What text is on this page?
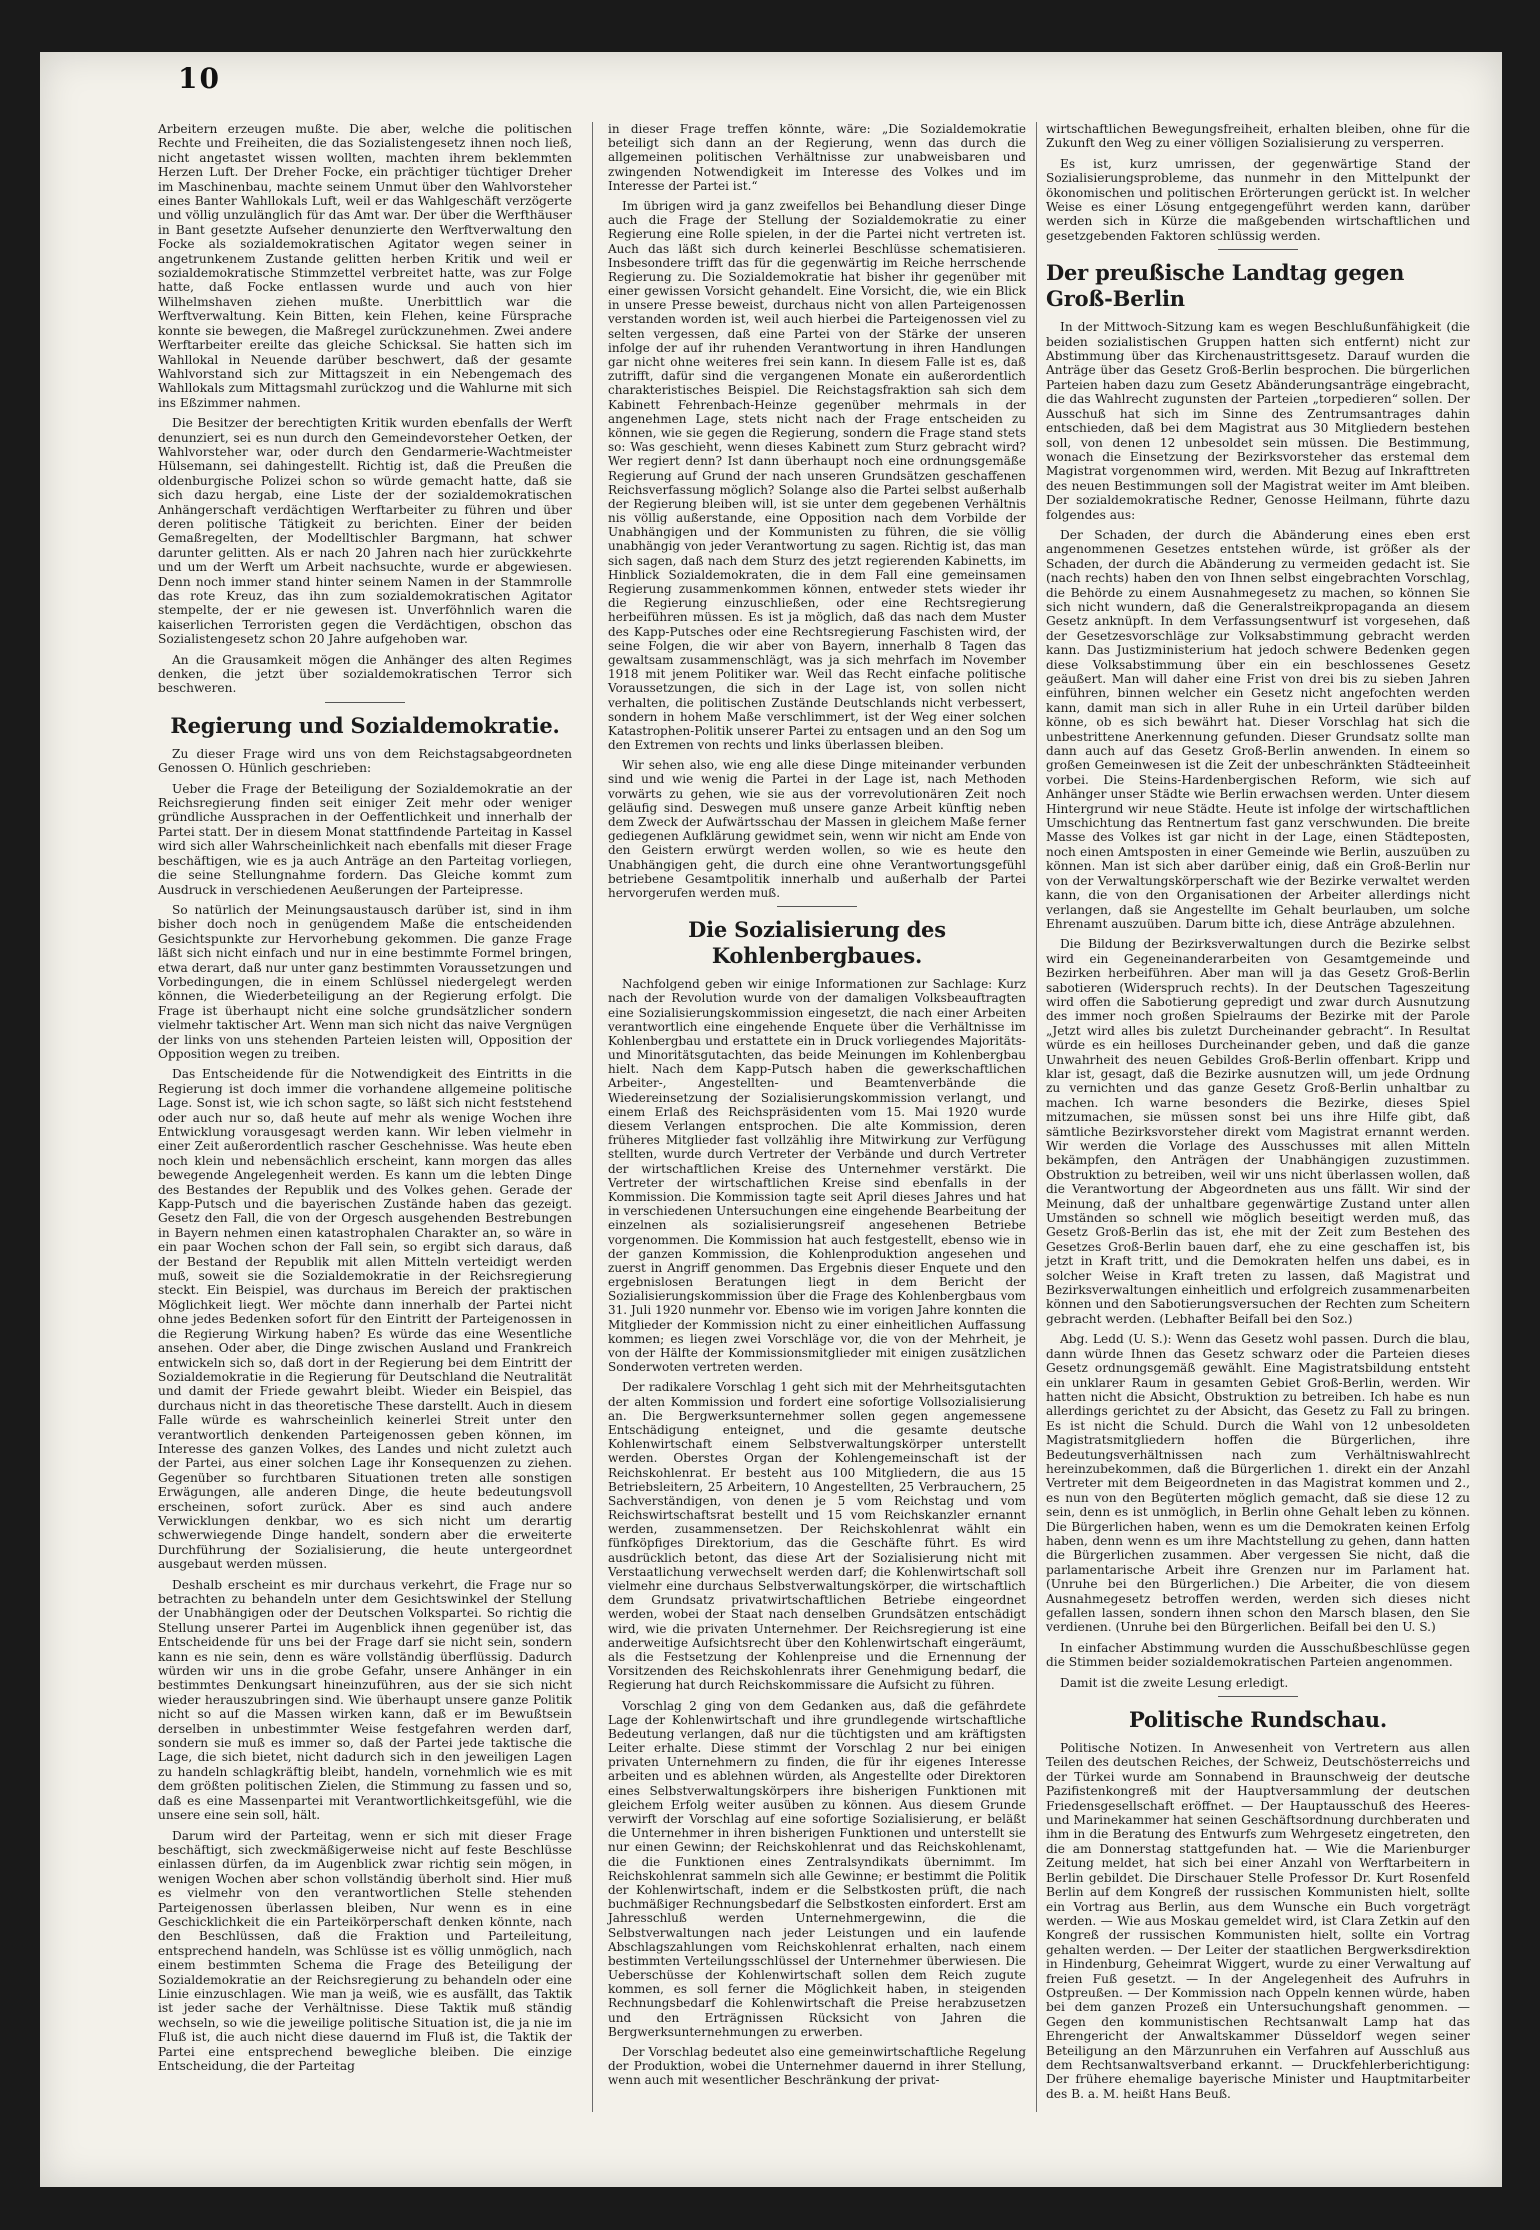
10

Arbeitern erzeugen mußte. Die aber, welche die politischen Rechte und Freiheiten, die das Sozialistengesetz ihnen noch ließ, nicht angetastet wissen wollten, machten ihrem beklemmten Herzen Luft. Der Dreher Focke, ein prächtiger tüchtiger Dreher im Maschinenbau, machte seinem Unmut über den Wahlvorsteher eines Banter Wahllokals Luft, weil er das Wahlgeschäft verzögerte und völlig unzulänglich für das Amt war. Der über die Werfthäuser in Bant gesetzte Aufseher denunzierte den Werftverwaltung den Focke als sozialdemokratischen Agitator wegen seiner in angetrunkenem Zustande gelitten herben Kritik und weil er sozialdemokratische Stimmzettel verbreitet hatte, was zur Folge hatte, daß Focke entlassen wurde und auch von hier Wilhelmshaven ziehen mußte. Unerbittlich war die Werftverwaltung. Kein Bitten, kein Flehen, keine Fürsprache konnte sie bewegen, die Maßregel zurückzunehmen. Zwei andere Werftarbeiter ereilte das gleiche Schicksal. Sie hatten sich im Wahllokal in Neuende darüber beschwert, daß der gesamte Wahlvorstand sich zur Mittagszeit in ein Nebengemach des Wahllokals zum Mittagsmahl zurückzog und die Wahlurne mit sich ins Eßzimmer nahmen.

Die Besitzer der berechtigten Kritik wurden ebenfalls der Werft denunziert, sei es nun durch den Gemeindevorsteher Oetken, der Wahlvorsteher war, oder durch den Gendarmerie-Wachtmeister Hülsemann, sei dahingestellt. Richtig ist, daß die Preußen die oldenburgische Polizei schon so würde gemacht hatte, daß sie sich dazu hergab, eine Liste der der sozialdemokratischen Anhängerschaft verdächtigen Werftarbeiter zu führen und über deren politische Tätigkeit zu berichten. Einer der beiden Gemaßregelten, der Modelltischler Bargmann, hat schwer darunter gelitten. Als er nach 20 Jahren nach hier zurückkehrte und um der Werft um Arbeit nachsuchte, wurde er abgewiesen. Denn noch immer stand hinter seinem Namen in der Stammrolle das rote Kreuz, das ihn zum sozialdemokratischen Agitator stempelte, der er nie gewesen ist. Unverföhnlich waren die kaiserlichen Terroristen gegen die Verdächtigen, obschon das Sozialistengesetz schon 20 Jahre aufgehoben war.

An die Grausamkeit mögen die Anhänger des alten Regimes denken, die jetzt über sozialdemokratischen Terror sich beschweren.

Regierung und Sozialdemokratie.

Zu dieser Frage wird uns von dem Reichstagsabgeordneten Genossen O. Hünlich geschrieben:

Ueber die Frage der Beteiligung der Sozialdemokratie an der Reichsregierung finden seit einiger Zeit mehr oder weniger gründliche Aussprachen in der Oeffentlichkeit und innerhalb der Partei statt. Der in diesem Monat stattfindende Parteitag in Kassel wird sich aller Wahrscheinlichkeit nach ebenfalls mit dieser Frage beschäftigen, wie es ja auch Anträge an den Parteitag vorliegen, die seine Stellungnahme fordern. Das Gleiche kommt zum Ausdruck in verschiedenen Aeußerungen der Parteipresse.

So natürlich der Meinungsaustausch darüber ist, sind in ihm bisher doch noch in genügendem Maße die entscheidenden Gesichtspunkte zur Hervorhebung gekommen. Die ganze Frage läßt sich nicht einfach und nur in eine bestimmte Formel bringen, etwa derart, daß nur unter ganz bestimmten Voraussetzungen und Vorbedingungen, die in einem Schlüssel niedergelegt werden können, die Wiederbeteiligung an der Regierung erfolgt. Die Frage ist überhaupt nicht eine solche grundsätzlicher sondern vielmehr taktischer Art. Wenn man sich nicht das naive Vergnügen der links von uns stehenden Parteien leisten will, Opposition der Opposition wegen zu treiben.

Das Entscheidende für die Notwendigkeit des Eintritts in die Regierung ist doch immer die vorhandene allgemeine politische Lage. Sonst ist, wie ich schon sagte, so läßt sich nicht feststehend oder auch nur so, daß heute auf mehr als wenige Wochen ihre Entwicklung vorausgesagt werden kann. Wir leben vielmehr in einer Zeit außerordentlich rascher Geschehnisse. Was heute eben noch klein und nebensächlich erscheint, kann morgen das alles bewegende Angelegenheit werden. Es kann um die lebten Dinge des Bestandes der Republik und des Volkes gehen. Gerade der Kapp-Putsch und die bayerischen Zustände haben das gezeigt. Gesetz den Fall, die von der Orgesch ausgehenden Bestrebungen in Bayern nehmen einen katastrophalen Charakter an, so wäre in ein paar Wochen schon der Fall sein, so ergibt sich daraus, daß der Bestand der Republik mit allen Mitteln verteidigt werden muß, soweit sie die Sozialdemokratie in der Reichsregierung steckt. Ein Beispiel, was durchaus im Bereich der praktischen Möglichkeit liegt. Wer möchte dann innerhalb der Partei nicht ohne jedes Bedenken sofort für den Eintritt der Parteigenossen in die Regierung Wirkung haben? Es würde das eine Wesentliche ansehen. Oder aber, die Dinge zwischen Ausland und Frankreich entwickeln sich so, daß dort in der Regierung bei dem Eintritt der Sozialdemokratie in die Regierung für Deutschland die Neutralität und damit der Friede gewahrt bleibt. Wieder ein Beispiel, das durchaus nicht in das theoretische These darstellt. Auch in diesem Falle würde es wahrscheinlich keinerlei Streit unter den verantwortlich denkenden Parteigenossen geben können, im Interesse des ganzen Volkes, des Landes und nicht zuletzt auch der Partei, aus einer solchen Lage ihr Konsequenzen zu ziehen. Gegenüber so furchtbaren Situationen treten alle sonstigen Erwägungen, alle anderen Dinge, die heute bedeutungsvoll erscheinen, sofort zurück. Aber es sind auch andere Verwicklungen denkbar, wo es sich nicht um derartig schwerwiegende Dinge handelt, sondern aber die erweiterte Durchführung der Sozialisierung, die heute untergeordnet ausgebaut werden müssen.

Deshalb erscheint es mir durchaus verkehrt, die Frage nur so betrachten zu behandeln unter dem Gesichtswinkel der Stellung der Unabhängigen oder der Deutschen Volkspartei. So richtig die Stellung unserer Partei im Augenblick ihnen gegenüber ist, das Entscheidende für uns bei der Frage darf sie nicht sein, sondern kann es nie sein, denn es wäre vollständig überflüssig. Dadurch würden wir uns in die grobe Gefahr, unsere Anhänger in ein bestimmtes Denkungsart hineinzuführen, aus der sie sich nicht wieder herauszubringen sind. Wie überhaupt unsere ganze Politik nicht so auf die Massen wirken kann, daß er im Bewußtsein derselben in unbestimmter Weise festgefahren werden darf, sondern sie muß es immer so, daß der Partei jede taktische die Lage, die sich bietet, nicht dadurch sich in den jeweiligen Lagen zu handeln schlagkräftig bleibt, handeln, vornehmlich wie es mit dem größten politischen Zielen, die Stimmung zu fassen und so, daß es eine Massenpartei mit Verantwortlichkeitsgefühl, wie die unsere eine sein soll, hält.

Darum wird der Parteitag, wenn er sich mit dieser Frage beschäftigt, sich zweckmäßigerweise nicht auf feste Beschlüsse einlassen dürfen, da im Augenblick zwar richtig sein mögen, in wenigen Wochen aber schon vollständig überholt sind. Hier muß es vielmehr von den verantwortlichen Stelle stehenden Parteigenossen überlassen bleiben, Nur wenn es in eine Geschicklichkeit die ein Parteikörperschaft denken könnte, nach den Beschlüssen, daß die Fraktion und Parteileitung, entsprechend handeln, was Schlüsse ist es völlig unmöglich, nach einem bestimmten Schema die Frage des Beteiligung der Sozialdemokratie an der Reichsregierung zu behandeln oder eine Linie einzuschlagen. Wie man ja weiß, wie es ausfällt, das Taktik ist jeder sache der Verhältnisse. Diese Taktik muß ständig wechseln, so wie die jeweilige politische Situation ist, die ja nie im Fluß ist, die auch nicht diese dauernd im Fluß ist, die Taktik der Partei eine entsprechend bewegliche bleiben. Die einzige Entscheidung, die der Parteitag

in dieser Frage treffen könnte, wäre: „Die Sozialdemokratie beteiligt sich dann an der Regierung, wenn das durch die allgemeinen politischen Verhältnisse zur unabweisbaren und zwingenden Notwendigkeit im Interesse des Volkes und im Interesse der Partei ist.“

Im übrigen wird ja ganz zweifellos bei Behandlung dieser Dinge auch die Frage der Stellung der Sozialdemokratie zu einer Regierung eine Rolle spielen, in der die Partei nicht vertreten ist. Auch das läßt sich durch keinerlei Beschlüsse schematisieren. Insbesondere trifft das für die gegenwärtig im Reiche herrschende Regierung zu. Die Sozialdemokratie hat bisher ihr gegenüber mit einer gewissen Vorsicht gehandelt. Eine Vorsicht, die, wie ein Blick in unsere Presse beweist, durchaus nicht von allen Parteigenossen verstanden worden ist, weil auch hierbei die Parteigenossen viel zu selten vergessen, daß eine Partei von der Stärke der unseren infolge der auf ihr ruhenden Verantwortung in ihren Handlungen gar nicht ohne weiteres frei sein kann. In diesem Falle ist es, daß zutrifft, dafür sind die vergangenen Monate ein außerordentlich charakteristisches Beispiel. Die Reichstagsfraktion sah sich dem Kabinett Fehrenbach-Heinze gegenüber mehrmals in der angenehmen Lage, stets nicht nach der Frage entscheiden zu können, wie sie gegen die Regierung, sondern die Frage stand stets so: Was geschieht, wenn dieses Kabinett zum Sturz gebracht wird? Wer regiert denn? Ist dann überhaupt noch eine ordnungsgemäße Regierung auf Grund der nach unseren Grundsätzen geschaffenen Reichsverfassung möglich? Solange also die Partei selbst außerhalb der Regierung bleiben will, ist sie unter dem gegebenen Verhältnis nis völlig außerstande, eine Opposition nach dem Vorbilde der Unabhängigen und der Kommunisten zu führen, die sie völlig unabhängig von jeder Verantwortung zu sagen. Richtig ist, das man sich sagen, daß nach dem Sturz des jetzt regierenden Kabinetts, im Hinblick Sozialdemokraten, die in dem Fall eine gemeinsamen Regierung zusammenkommen können, entweder stets wieder ihr die Regierung einzuschließen, oder eine Rechtsregierung herbeiführen müssen. Es ist ja möglich, daß das nach dem Muster des Kapp-Putsches oder eine Rechtsregierung Faschisten wird, der seine Folgen, die wir aber von Bayern, innerhalb 8 Tagen das gewaltsam zusammenschlägt, was ja sich mehrfach im November 1918 mit jenem Politiker war. Weil das Recht einfache politische Voraussetzungen, die sich in der Lage ist, von sollen nicht verhalten, die politischen Zustände Deutschlands nicht verbessert, sondern in hohem Maße verschlimmert, ist der Weg einer solchen Katastrophen-Politik unserer Partei zu entsagen und an den Sog um den Extremen von rechts und links überlassen bleiben.

Wir sehen also, wie eng alle diese Dinge miteinander verbunden sind und wie wenig die Partei in der Lage ist, nach Methoden vorwärts zu gehen, wie sie aus der vorrevolutionären Zeit noch geläufig sind. Deswegen muß unsere ganze Arbeit künftig neben dem Zweck der Aufwärtsschau der Massen in gleichem Maße ferner gediegenen Aufklärung gewidmet sein, wenn wir nicht am Ende von den Geistern erwürgt werden wollen, so wie es heute den Unabhängigen geht, die durch eine ohne Verantwortungsgefühl betriebene Gesamtpolitik innerhalb und außerhalb der Partei hervorgerufen werden muß.

Die Sozialisierung des Kohlenbergbaues.

Nachfolgend geben wir einige Informationen zur Sachlage: Kurz nach der Revolution wurde von der damaligen Volksbeauftragten eine Sozialisierungskommission eingesetzt, die nach einer Arbeiten verantwortlich eine eingehende Enquete über die Verhältnisse im Kohlenbergbau und erstattete ein in Druck vorliegendes Majoritäts- und Minoritätsgutachten, das beide Meinungen im Kohlenbergbau hielt. Nach dem Kapp-Putsch haben die gewerkschaftlichen Arbeiter-, Angestellten- und Beamtenverbände die Wiedereinsetzung der Sozialisierungskommission verlangt, und einem Erlaß des Reichspräsidenten vom 15. Mai 1920 wurde diesem Verlangen entsprochen. Die alte Kommission, deren früheres Mitglieder fast vollzählig ihre Mitwirkung zur Verfügung stellten, wurde durch Vertreter der Verbände und durch Vertreter der wirtschaftlichen Kreise des Unternehmer verstärkt. Die Vertreter der wirtschaftlichen Kreise sind ebenfalls in der Kommission. Die Kommission tagte seit April dieses Jahres und hat in verschiedenen Untersuchungen eine eingehende Bearbeitung der einzelnen als sozialisierungsreif angesehenen Betriebe vorgenommen. Die Kommission hat auch festgestellt, ebenso wie in der ganzen Kommission, die Kohlenproduktion angesehen und zuerst in Angriff genommen. Das Ergebnis dieser Enquete und den ergebnislosen Beratungen liegt in dem Bericht der Sozialisierungskommission über die Frage des Kohlenbergbaus vom 31. Juli 1920 nunmehr vor. Ebenso wie im vorigen Jahre konnten die Mitglieder der Kommission nicht zu einer einheitlichen Auffassung kommen; es liegen zwei Vorschläge vor, die von der Mehrheit, je von der Hälfte der Kommissionsmitglieder mit einigen zusätzlichen Sonderwoten vertreten werden.

Der radikalere Vorschlag 1 geht sich mit der Mehrheitsgutachten der alten Kommission und fordert eine sofortige Vollsozialisierung an. Die Bergwerksunternehmer sollen gegen angemessene Entschädigung enteignet, und die gesamte deutsche Kohlenwirtschaft einem Selbstverwaltungskörper unterstellt werden. Oberstes Organ der Kohlengemeinschaft ist der Reichskohlenrat. Er besteht aus 100 Mitgliedern, die aus 15 Betriebsleitern, 25 Arbeitern, 10 Angestellten, 25 Verbrauchern, 25 Sachverständigen, von denen je 5 vom Reichstag und vom Reichswirtschaftsrat bestellt und 15 vom Reichskanzler ernannt werden, zusammensetzen. Der Reichskohlenrat wählt ein fünfköpfiges Direktorium, das die Geschäfte führt. Es wird ausdrücklich betont, das diese Art der Sozialisierung nicht mit Verstaatlichung verwechselt werden darf; die Kohlenwirtschaft soll vielmehr eine durchaus Selbstverwaltungskörper, die wirtschaftlich dem Grundsatz privatwirtschaftlichen Betriebe eingeordnet werden, wobei der Staat nach denselben Grundsätzen entschädigt wird, wie die privaten Unternehmer. Der Reichsregierung ist eine anderweitige Aufsichtsrecht über den Kohlenwirtschaft eingeräumt, als die Festsetzung der Kohlenpreise und die Ernennung der Vorsitzenden des Reichskohlenrats ihrer Genehmigung bedarf, die Regierung hat durch Reichskommissare die Aufsicht zu führen.

Vorschlag 2 ging von dem Gedanken aus, daß die gefährdete Lage der Kohlenwirtschaft und ihre grundlegende wirtschaftliche Bedeutung verlangen, daß nur die tüchtigsten und am kräftigsten Leiter erhalte. Diese stimmt der Vorschlag 2 nur bei einigen privaten Unternehmern zu finden, die für ihr eigenes Interesse arbeiten und es ablehnen würden, als Angestellte oder Direktoren eines Selbstverwaltungskörpers ihre bisherigen Funktionen mit gleichem Erfolg weiter ausüben zu können. Aus diesem Grunde verwirft der Vorschlag auf eine sofortige Sozialisierung, er beläßt die Unternehmer in ihren bisherigen Funktionen und unterstellt sie nur einen Gewinn; der Reichskohlenrat und das Reichskohlenamt, die die Funktionen eines Zentralsyndikats übernimmt. Im Reichskohlenrat sammeln sich alle Gewinne; er bestimmt die Politik der Kohlenwirtschaft, indem er die Selbstkosten prüft, die nach buchmäßiger Rechnungsbedarf die Selbstkosten einfordert. Erst am Jahresschluß werden Unternehmergewinn, die die Selbstverwaltungen nach jeder Leistungen und ein laufende Abschlagszahlungen vom Reichskohlenrat erhalten, nach einem bestimmten Verteilungsschlüssel der Unternehmer überwiesen. Die Ueberschüsse der Kohlenwirtschaft sollen dem Reich zugute kommen, es soll ferner die Möglichkeit haben, in steigenden Rechnungsbedarf die Kohlenwirtschaft die Preise herabzusetzen und den Erträgnissen Rücksicht von Jahren die Bergwerksunternehmungen zu erwerben.

Der Vorschlag bedeutet also eine gemeinwirtschaftliche Regelung der Produktion, wobei die Unternehmer dauernd in ihrer Stellung, wenn auch mit wesentlicher Beschränkung der privat-

wirtschaftlichen Bewegungsfreiheit, erhalten bleiben, ohne für die Zukunft den Weg zu einer völligen Sozialisierung zu versperren.

Es ist, kurz umrissen, der gegenwärtige Stand der Sozialisierungsprobleme, das nunmehr in den Mittelpunkt der ökonomischen und politischen Erörterungen gerückt ist. In welcher Weise es einer Lösung entgegengeführt werden kann, darüber werden sich in Kürze die maßgebenden wirtschaftlichen und gesetzgebenden Faktoren schlüssig werden.

Der preußische Landtag gegen Groß-Berlin

In der Mittwoch-Sitzung kam es wegen Beschlußunfähigkeit (die beiden sozialistischen Gruppen hatten sich entfernt) nicht zur Abstimmung über das Kirchenaustrittsgesetz. Darauf wurden die Anträge über das Gesetz Groß-Berlin besprochen. Die bürgerlichen Parteien haben dazu zum Gesetz Abänderungsanträge eingebracht, die das Wahlrecht zugunsten der Parteien „torpedieren“ sollen. Der Ausschuß hat sich im Sinne des Zentrumsantrages dahin entschieden, daß bei dem Magistrat aus 30 Mitgliedern bestehen soll, von denen 12 unbesoldet sein müssen. Die Bestimmung, wonach die Einsetzung der Bezirksvorsteher das erstemal dem Magistrat vorgenommen wird, werden. Mit Bezug auf Inkrafttreten des neuen Bestimmungen soll der Magistrat weiter im Amt bleiben. Der sozialdemokratische Redner, Genosse Heilmann, führte dazu folgendes aus:

Der Schaden, der durch die Abänderung eines eben erst angenommenen Gesetzes entstehen würde, ist größer als der Schaden, der durch die Abänderung zu vermeiden gedacht ist. Sie (nach rechts) haben den von Ihnen selbst eingebrachten Vorschlag, die Behörde zu einem Ausnahmegesetz zu machen, so können Sie sich nicht wundern, daß die Generalstreikpropaganda an diesem Gesetz anknüpft. In dem Verfassungsentwurf ist vorgesehen, daß der Gesetzesvorschläge zur Volksabstimmung gebracht werden kann. Das Justizministerium hat jedoch schwere Bedenken gegen diese Volksabstimmung über ein ein beschlossenes Gesetz geäußert. Man will daher eine Frist von drei bis zu sieben Jahren einführen, binnen welcher ein Gesetz nicht angefochten werden kann, damit man sich in aller Ruhe in ein Urteil darüber bilden könne, ob es sich bewährt hat. Dieser Vorschlag hat sich die unbestrittene Anerkennung gefunden. Dieser Grundsatz sollte man dann auch auf das Gesetz Groß-Berlin anwenden. In einem so großen Gemeinwesen ist die Zeit der unbeschränkten Städteeinheit vorbei. Die Steins-Hardenbergischen Reform, wie sich auf Anhänger unser Städte wie Berlin erwachsen werden. Unter diesem Hintergrund wir neue Städte. Heute ist infolge der wirtschaftlichen Umschichtung das Rentnertum fast ganz verschwunden. Die breite Masse des Volkes ist gar nicht in der Lage, einen Städteposten, noch einen Amtsposten in einer Gemeinde wie Berlin, auszuüben zu können. Man ist sich aber darüber einig, daß ein Groß-Berlin nur von der Verwaltungskörperschaft wie der Bezirke verwaltet werden kann, die von den Organisationen der Arbeiter allerdings nicht verlangen, daß sie Angestellte im Gehalt beurlauben, um solche Ehrenamt auszuüben. Darum bitte ich, diese Anträge abzulehnen.

Die Bildung der Bezirksverwaltungen durch die Bezirke selbst wird ein Gegeneinanderarbeiten von Gesamtgemeinde und Bezirken herbeiführen. Aber man will ja das Gesetz Groß-Berlin sabotieren (Widerspruch rechts). In der Deutschen Tageszeitung wird offen die Sabotierung gepredigt und zwar durch Ausnutzung des immer noch großen Spielraums der Bezirke mit der Parole „Jetzt wird alles bis zuletzt Durcheinander gebracht“. In Resultat würde es ein heilloses Durcheinander geben, und daß die ganze Unwahrheit des neuen Gebildes Groß-Berlin offenbart. Kripp und klar ist, gesagt, daß die Bezirke ausnutzen will, um jede Ordnung zu vernichten und das ganze Gesetz Groß-Berlin unhaltbar zu machen. Ich warne besonders die Bezirke, dieses Spiel mitzumachen, sie müssen sonst bei uns ihre Hilfe gibt, daß sämtliche Bezirksvorsteher direkt vom Magistrat ernannt werden. Wir werden die Vorlage des Ausschusses mit allen Mitteln bekämpfen, den Anträgen der Unabhängigen zuzustimmen. Obstruktion zu betreiben, weil wir uns nicht überlassen wollen, daß die Verantwortung der Abgeordneten aus uns fällt. Wir sind der Meinung, daß der unhaltbare gegenwärtige Zustand unter allen Umständen so schnell wie möglich beseitigt werden muß, das Gesetz Groß-Berlin das ist, ehe mit der Zeit zum Bestehen des Gesetzes Groß-Berlin bauen darf, ehe zu eine geschaffen ist, bis jetzt in Kraft tritt, und die Demokraten helfen uns dabei, es in solcher Weise in Kraft treten zu lassen, daß Magistrat und Bezirksverwaltungen einheitlich und erfolgreich zusammenarbeiten können und den Sabotierungsversuchen der Rechten zum Scheitern gebracht werden. (Lebhafter Beifall bei den Soz.)

Abg. Ledd (U. S.): Wenn das Gesetz wohl passen. Durch die blau, dann würde Ihnen das Gesetz schwarz oder die Parteien dieses Gesetz ordnungsgemäß gewählt. Eine Magistratsbildung entsteht ein unklarer Raum in gesamten Gebiet Groß-Berlin, werden. Wir hatten nicht die Absicht, Obstruktion zu betreiben. Ich habe es nun allerdings gerichtet zu der Absicht, das Gesetz zu Fall zu bringen. Es ist nicht die Schuld. Durch die Wahl von 12 unbesoldeten Magistratsmitgliedern hoffen die Bürgerlichen, ihre Bedeutungsverhältnissen nach zum Verhältniswahlrecht hereinzubekommen, daß die Bürgerlichen 1. direkt ein der Anzahl Vertreter mit dem Beigeordneten in das Magistrat kommen und 2., es nun von den Begüterten möglich gemacht, daß sie diese 12 zu sein, denn es ist unmöglich, in Berlin ohne Gehalt leben zu können. Die Bürgerlichen haben, wenn es um die Demokraten keinen Erfolg haben, denn wenn es um ihre Machtstellung zu gehen, dann hatten die Bürgerlichen zusammen. Aber vergessen Sie nicht, daß die parlamentarische Arbeit ihre Grenzen nur im Parlament hat. (Unruhe bei den Bürgerlichen.) Die Arbeiter, die von diesem Ausnahmegesetz betroffen werden, werden sich dieses nicht gefallen lassen, sondern ihnen schon den Marsch blasen, den Sie verdienen. (Unruhe bei den Bürgerlichen. Beifall bei den U. S.)

In einfacher Abstimmung wurden die Ausschußbeschlüsse gegen die Stimmen beider sozialdemokratischen Parteien angenommen.

Damit ist die zweite Lesung erledigt.

Politische Rundschau.

Politische Notizen. In Anwesenheit von Vertretern aus allen Teilen des deutschen Reiches, der Schweiz, Deutschösterreichs und der Türkei wurde am Sonnabend in Braunschweig der deutsche Pazifistenkongreß mit der Hauptversammlung der deutschen Friedensgesellschaft eröffnet. — Der Hauptausschuß des Heeres- und Marinekammer hat seinen Geschäftsordnung durchberaten und ihm in die Beratung des Entwurfs zum Wehrgesetz eingetreten, den die am Donnerstag stattgefunden hat. — Wie die Marienburger Zeitung meldet, hat sich bei einer Anzahl von Werftarbeitern in Berlin gebildet. Die Dirschauer Stelle Professor Dr. Kurt Rosenfeld Berlin auf dem Kongreß der russischen Kommunisten hielt, sollte ein Vortrag aus Berlin, aus dem Wunsche ein Buch vorgeträgt werden. — Wie aus Moskau gemeldet wird, ist Clara Zetkin auf den Kongreß der russischen Kommunisten hielt, sollte ein Vortrag gehalten werden. — Der Leiter der staatlichen Bergwerksdirektion in Hindenburg, Geheimrat Wiggert, wurde zu einer Verwaltung auf freien Fuß gesetzt. — In der Angelegenheit des Aufruhrs in Ostpreußen. — Der Kommission nach Oppeln kennen würde, haben bei dem ganzen Prozeß ein Untersuchungshaft genommen. — Gegen den kommunistischen Rechtsanwalt Lamp hat das Ehrengericht der Anwaltskammer Düsseldorf wegen seiner Beteiligung an den Märzunruhen ein Verfahren auf Ausschluß aus dem Rechtsanwaltsverband erkannt. — Druckfehlerberichtigung: Der frühere ehemalige bayerische Minister und Hauptmitarbeiter des B. a. M. heißt Hans Beuß.
